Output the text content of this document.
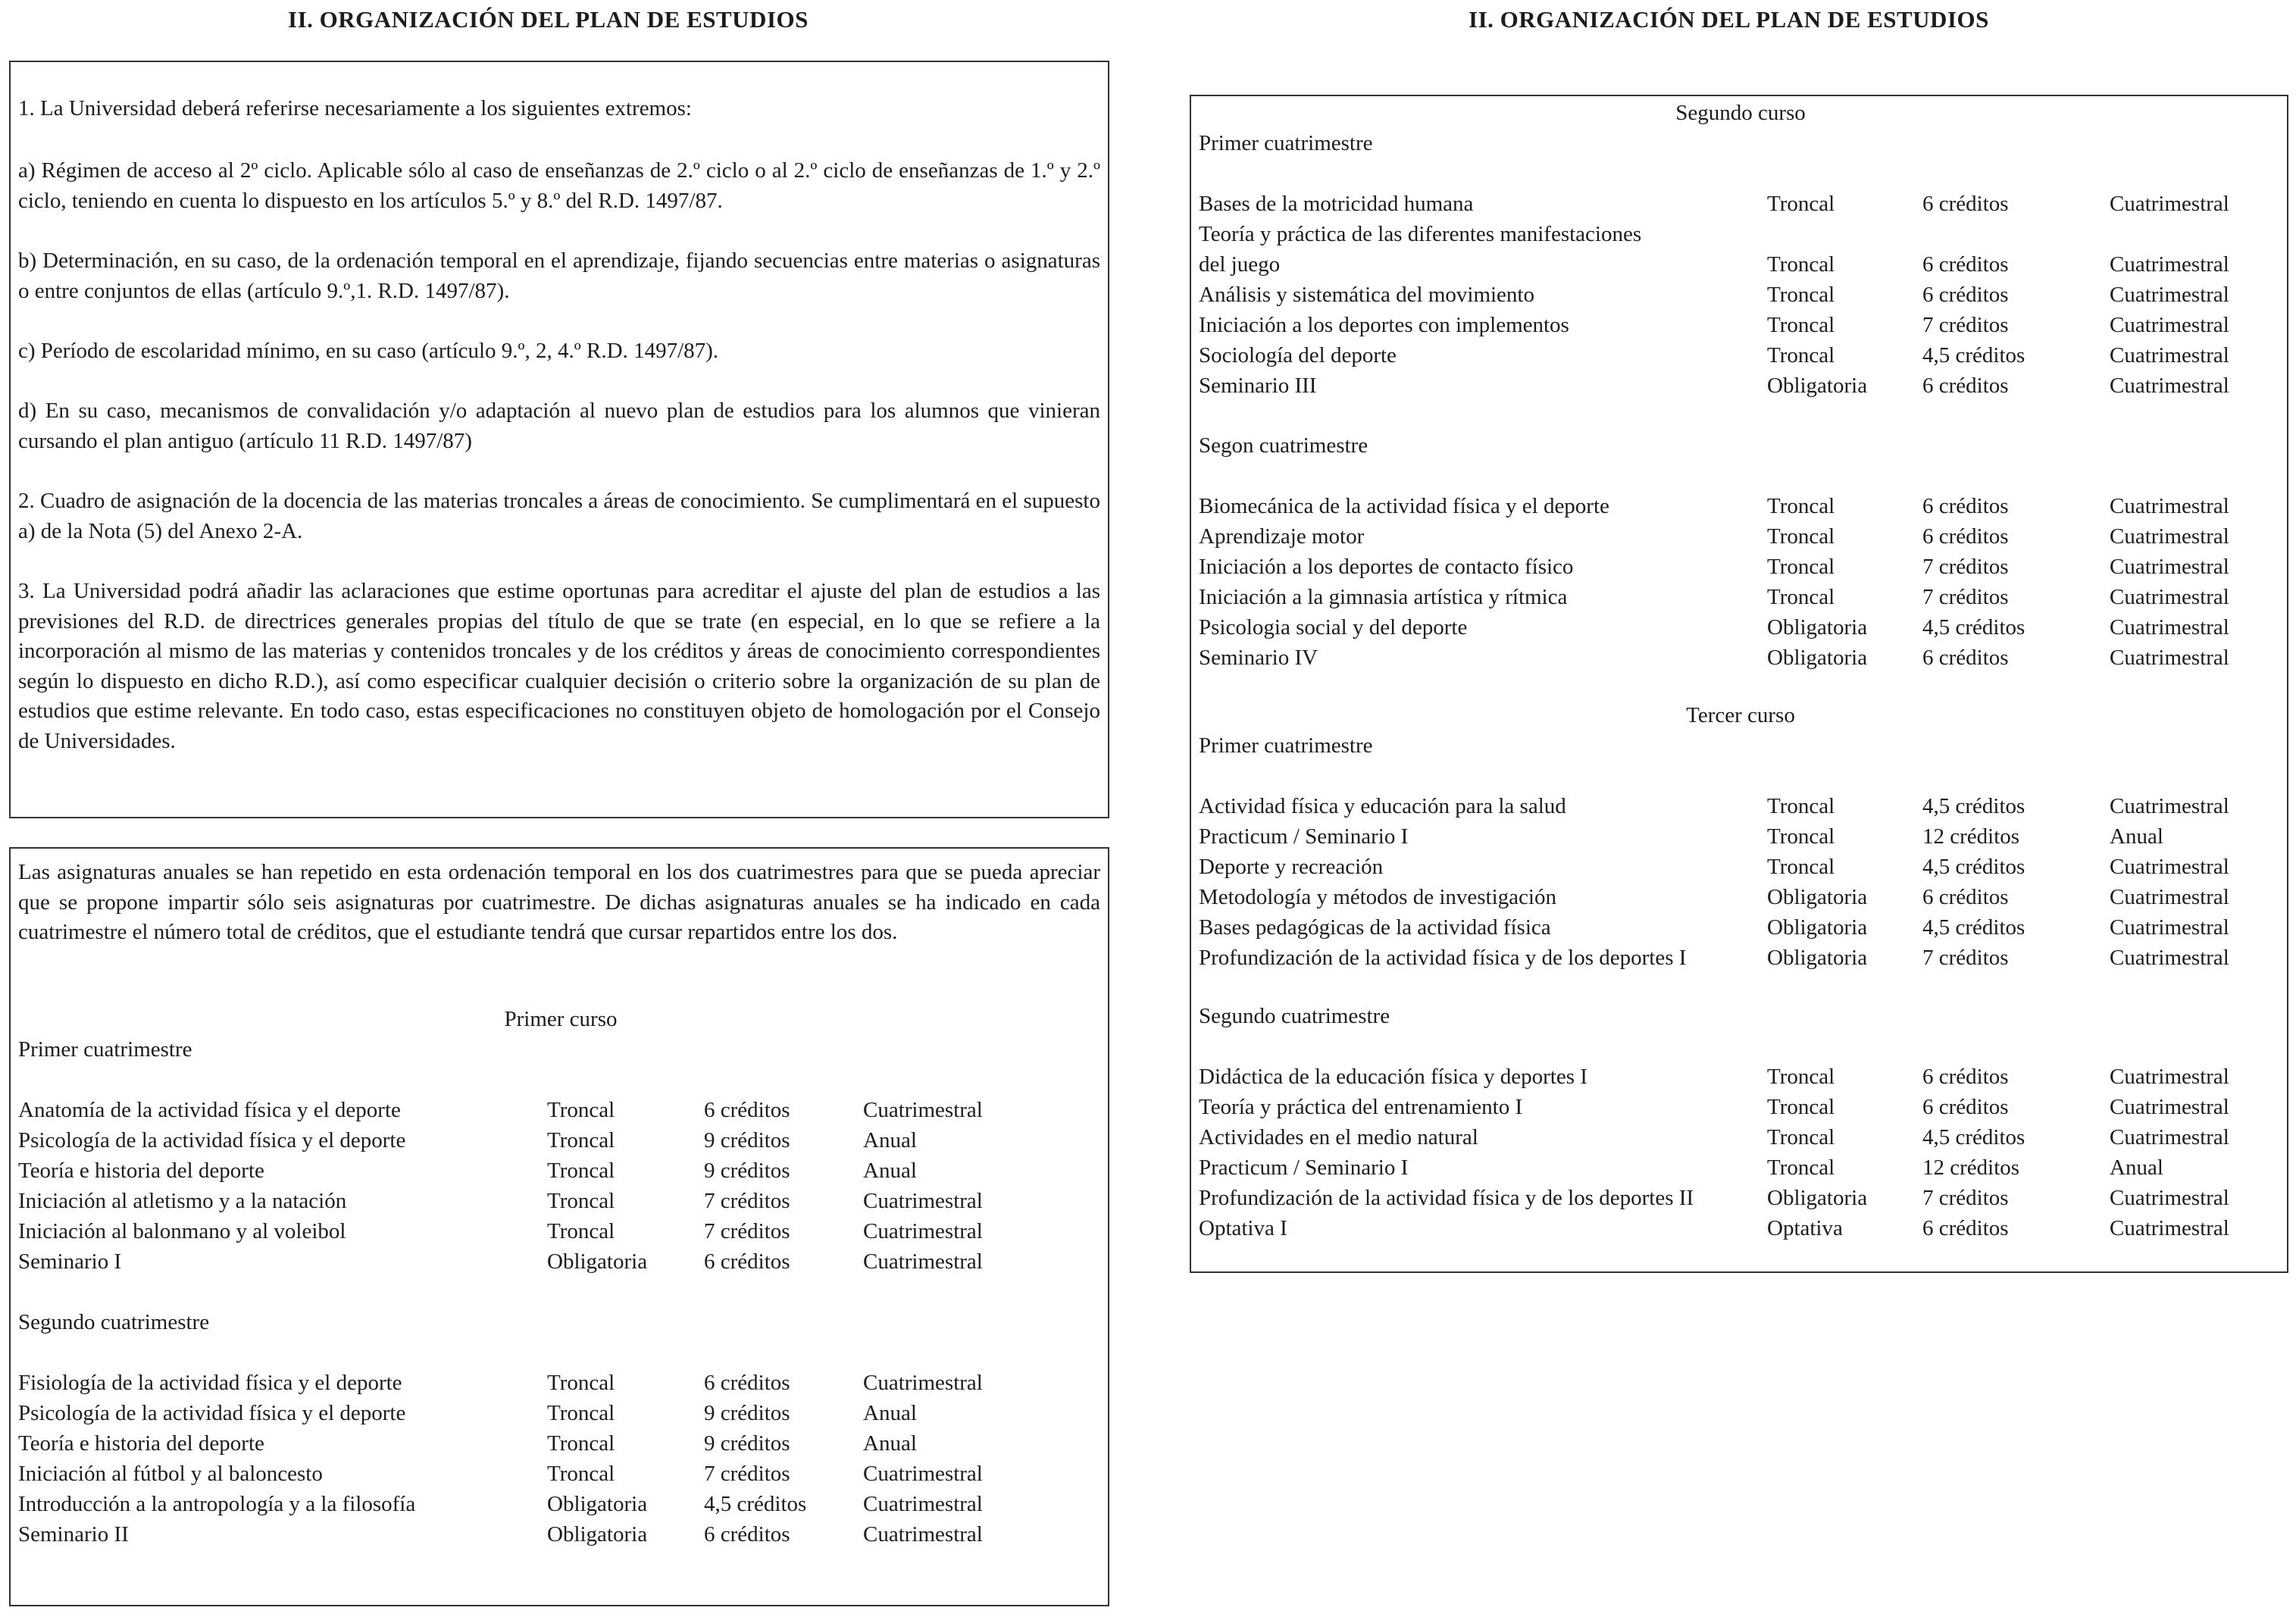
II. ORGANIZACIÓN DEL PLAN DE ESTUDIOS
1. La Universidad deberá referirse necesariamente a los siguientes extremos:
a) Régimen de acceso al 2º ciclo. Aplicable sólo al caso de enseñanzas de 2.º ciclo o al 2.º ciclo de enseñanzas de 1.º y 2.º ciclo, teniendo en cuenta lo dispuesto en los artículos 5.º y 8.º del R.D. 1497/87.
b) Determinación, en su caso, de la ordenación temporal en el aprendizaje, fijando secuencias entre materias o asignaturas o entre conjuntos de ellas (artículo 9.º,1. R.D. 1497/87).
c) Período de escolaridad mínimo, en su caso (artículo 9.º, 2, 4.º R.D. 1497/87).
d) En su caso, mecanismos de convalidación y/o adaptación al nuevo plan de estudios para los alumnos que vinieran cursando el plan antiguo (artículo 11 R.D. 1497/87)
2. Cuadro de asignación de la docencia de las materias troncales a áreas de conocimiento. Se cumplimentará en el supuesto a) de la Nota (5) del Anexo 2-A.
3. La Universidad podrá añadir las aclaraciones que estime oportunas para acreditar el ajuste del plan de estudios a las previsiones del R.D. de directrices generales propias del título de que se trate (en especial, en lo que se refiere a la incorporación al mismo de las materias y contenidos troncales y de los créditos y áreas de conocimiento correspondientes según lo dispuesto en dicho R.D.), así como especificar cualquier decisión o criterio sobre la organización de su plan de estudios que estime relevante. En todo caso, estas especificaciones no constituyen objeto de homologación por el Consejo de Universidades.
Las asignaturas anuales se han repetido en esta ordenación temporal en los dos cuatrimestres para que se pueda apreciar que se propone impartir sólo seis asignaturas por cuatrimestre. De dichas asignaturas anuales se ha indicado en cada cuatrimestre el número total de créditos, que el estudiante tendrá que cursar repartidos entre los dos.
Primer curso
Primer cuatrimestre
Anatomía de la actividad física y el deporte	Troncal	6 créditos	Cuatrimestral
Psicología de la actividad física y el deporte	Troncal	9 créditos	Anual
Teoría e historia del deporte	Troncal	9 créditos	Anual
Iniciación al atletismo y a la natación	Troncal	7 créditos	Cuatrimestral
Iniciación al balonmano y al voleibol	Troncal	7 créditos	Cuatrimestral
Seminario I	Obligatoria	6 créditos	Cuatrimestral
Segundo cuatrimestre
Fisiología de la actividad física y el deporte	Troncal	6 créditos	Cuatrimestral
Psicología de la actividad física y el deporte	Troncal	9 créditos	Anual
Teoría e historia del deporte	Troncal	9 créditos	Anual
Iniciación al fútbol y al baloncesto	Troncal	7 créditos	Cuatrimestral
Introducción a la antropología y a la filosofía	Obligatoria	4,5 créditos	Cuatrimestral
Seminario II	Obligatoria	6 créditos	Cuatrimestral
II. ORGANIZACIÓN DEL PLAN DE ESTUDIOS
Segundo curso
Primer cuatrimestre
Bases de la motricidad humana	Troncal	6 créditos	Cuatrimestral
Teoría y práctica de las diferentes manifestaciones
del juego	Troncal	6 créditos	Cuatrimestral
Análisis y sistemática del movimiento	Troncal	6 créditos	Cuatrimestral
Iniciación a los deportes con implementos	Troncal	7 créditos	Cuatrimestral
Sociología del deporte	Troncal	4,5 créditos	Cuatrimestral
Seminario III	Obligatoria	6 créditos	Cuatrimestral
Segon cuatrimestre
Biomecánica de la actividad física y el deporte	Troncal	6 créditos	Cuatrimestral
Aprendizaje motor	Troncal	6 créditos	Cuatrimestral
Iniciación a los deportes de contacto físico	Troncal	7 créditos	Cuatrimestral
Iniciación a la gimnasia artística y rítmica	Troncal	7 créditos	Cuatrimestral
Psicologia social y del deporte	Obligatoria	4,5 créditos	Cuatrimestral
Seminario IV	Obligatoria	6 créditos	Cuatrimestral
Tercer curso
Primer cuatrimestre
Actividad física y educación para la salud	Troncal	4,5 créditos	Cuatrimestral
Practicum / Seminario I	Troncal	12 créditos	Anual
Deporte y recreación	Troncal	4,5 créditos	Cuatrimestral
Metodología y métodos de investigación	Obligatoria	6 créditos	Cuatrimestral
Bases pedagógicas de la actividad física	Obligatoria	4,5 créditos	Cuatrimestral
Profundización de la actividad física y de los deportes I	Obligatoria	7 créditos	Cuatrimestral
Segundo cuatrimestre
Didáctica de la educación física y deportes I	Troncal	6 créditos	Cuatrimestral
Teoría y práctica del entrenamiento I	Troncal	6 créditos	Cuatrimestral
Actividades en el medio natural	Troncal	4,5 créditos	Cuatrimestral
Practicum / Seminario I	Troncal	12 créditos	Anual
Profundización de la actividad física y de los deportes II	Obligatoria	7 créditos	Cuatrimestral
Optativa I	Optativa	6 créditos	Cuatrimestral
